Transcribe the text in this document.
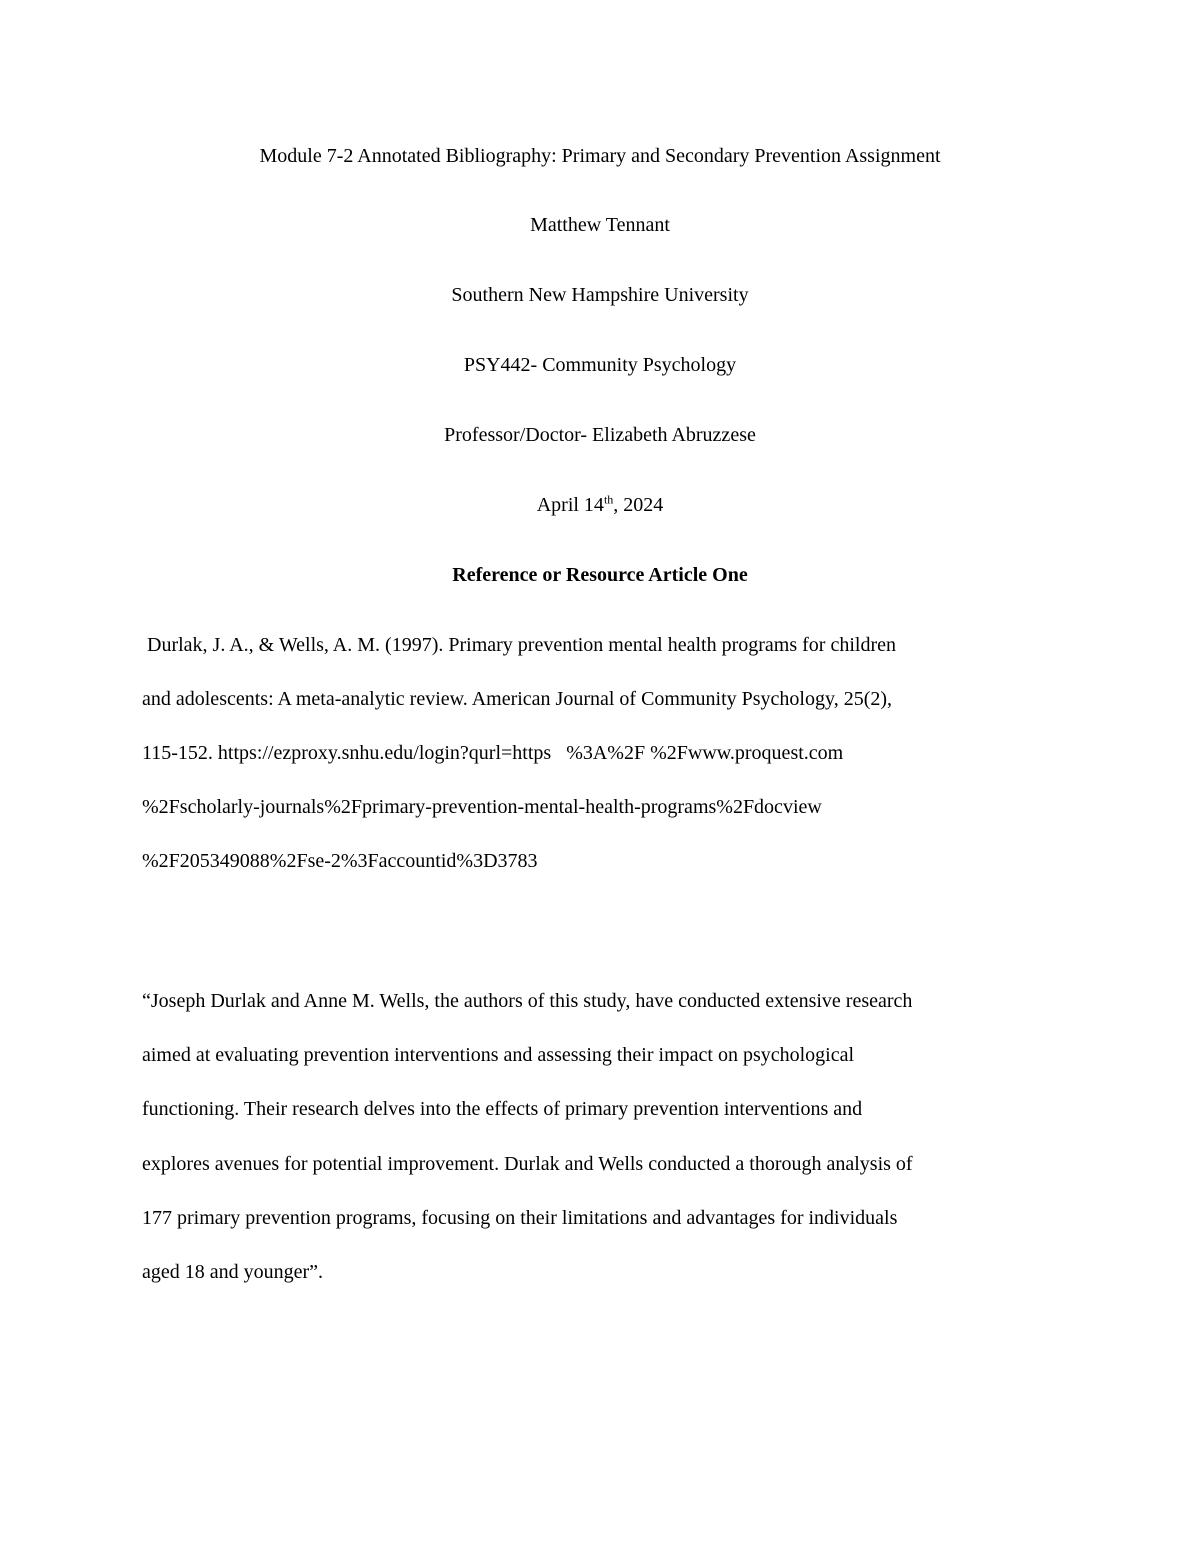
Module 7-2 Annotated Bibliography: Primary and Secondary Prevention Assignment
Matthew Tennant
Southern New Hampshire University
PSY442- Community Psychology
Professor/Doctor- Elizabeth Abruzzese
April 14th, 2024
Reference or Resource Article One
Durlak, J. A., & Wells, A. M. (1997). Primary prevention mental health programs for children
and adolescents: A meta-analytic review. American Journal of Community Psychology, 25(2),
115-152. https://ezproxy.snhu.edu/login?qurl=https   %3A%2F %2Fwww.proquest.com
%2Fscholarly-journals%2Fprimary-prevention-mental-health-programs%2Fdocview
%2F205349088%2Fse-2%3Faccountid%3D3783
“Joseph Durlak and Anne M. Wells, the authors of this study, have conducted extensive research
aimed at evaluating prevention interventions and assessing their impact on psychological
functioning. Their research delves into the effects of primary prevention interventions and
explores avenues for potential improvement. Durlak and Wells conducted a thorough analysis of
177 primary prevention programs, focusing on their limitations and advantages for individuals
aged 18 and younger”.
